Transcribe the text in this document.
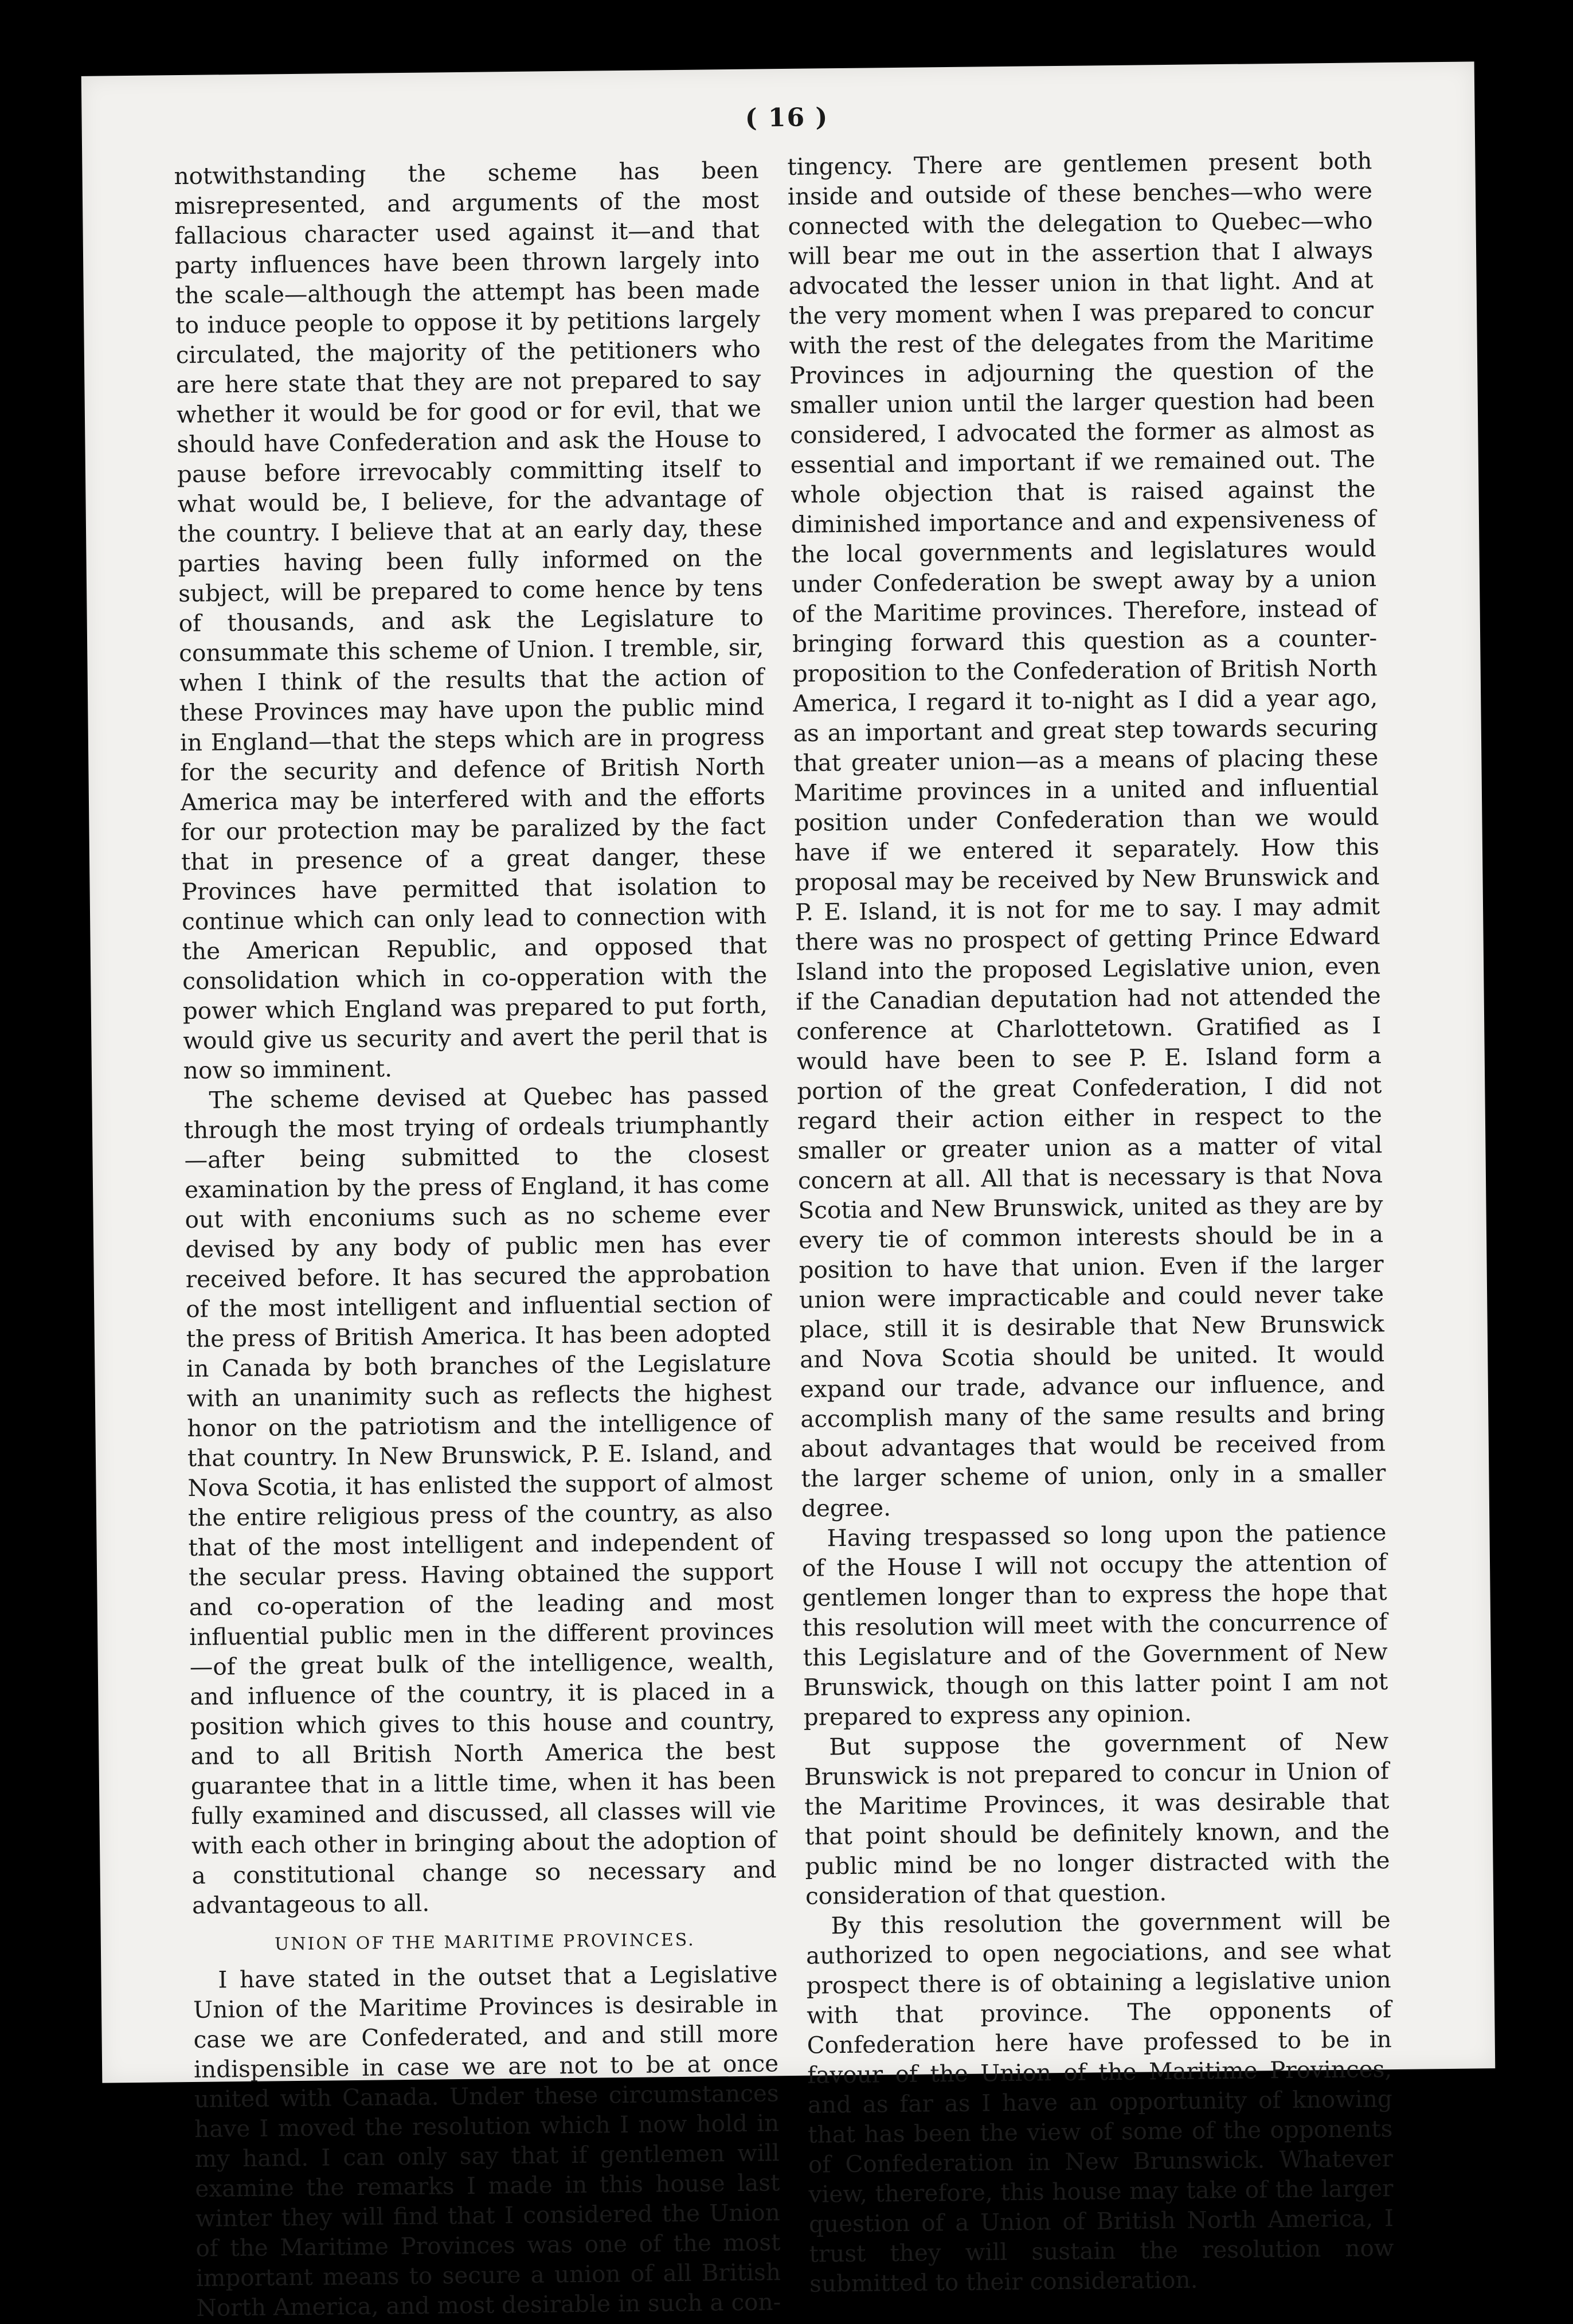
( 16 )

notwithstanding the scheme has been misrepresented, and arguments of the most fallacious character used against it—and that party influences have been thrown largely into the scale—although the attempt has been made to induce people to oppose it by petitions largely circulated, the majority of the petitioners who are here state that they are not prepared to say whether it would be for good or for evil, that we should have Confederation and ask the House to pause before irrevocably committing itself to what would be, I believe, for the advantage of the country. I believe that at an early day, these parties having been fully informed on the subject, will be prepared to come hence by tens of thousands, and ask the Legislature to consummate this scheme of Union. I tremble, sir, when I think of the results that the action of these Provinces may have upon the public mind in England—that the steps which are in progress for the security and defence of British North America may be interfered with and the efforts for our protection may be paralized by the fact that in presence of a great danger, these Provinces have permitted that isolation to continue which can only lead to connection with the American Republic, and opposed that consolidation which in co-opperation with the power which England was prepared to put forth, would give us security and avert the peril that is now so imminent.

The scheme devised at Quebec has passed through the most trying of ordeals triumphantly—after being submitted to the closest examination by the press of England, it has come out with enconiums such as no scheme ever devised by any body of public men has ever received before. It has secured the approbation of the most intelligent and influential section of the press of British America. It has been adopted in Canada by both branches of the Legislature with an unanimity such as reflects the highest honor on the patriotism and the intelligence of that country. In New Brunswick, P. E. Island, and Nova Scotia, it has enlisted the support of almost the entire religious press of the country, as also that of the most intelligent and independent of the secular press. Having obtained the support and co-operation of the leading and most influential public men in the different provinces—of the great bulk of the intelligence, wealth, and influence of the country, it is placed in a position which gives to this house and country, and to all British North America the best guarantee that in a little time, when it has been fully examined and discussed, all classes will vie with each other in bringing about the adoption of a constitutional change so necessary and advantageous to all.

UNION OF THE MARITIME PROVINCES.

I have stated in the outset that a Legislative Union of the Maritime Provinces is desirable in case we are Confederated, and and still more indispensible in case we are not to be at once united with Canada. Under these circumstances have I moved the resolution which I now hold in my hand. I can only say that if gentlemen will examine the remarks I made in this house last winter they will find that I considered the Union of the Maritime Provinces was one of the most important means to secure a union of all British North America, and most desirable in such a con-

tingency. There are gentlemen present both inside and outside of these benches—who were connected with the delegation to Quebec—who will bear me out in the assertion that I always advocated the lesser union in that light. And at the very moment when I was prepared to concur with the rest of the delegates from the Maritime Provinces in adjourning the question of the smaller union until the larger question had been considered, I advocated the former as almost as essential and important if we remained out. The whole objection that is raised against the diminished importance and and expensiveness of the local governments and legislatures would under Confederation be swept away by a union of the Maritime provinces. Therefore, instead of bringing forward this question as a counter-proposition to the Confederation of British North America, I regard it to-night as I did a year ago, as an important and great step towards securing that greater union—as a means of placing these Maritime provinces in a united and influential position under Confederation than we would have if we entered it separately. How this proposal may be received by New Brunswick and P. E. Island, it is not for me to say. I may admit there was no prospect of getting Prince Edward Island into the proposed Legislative union, even if the Canadian deputation had not attended the conference at Charlottetown. Gratified as I would have been to see P. E. Island form a portion of the great Confederation, I did not regard their action either in respect to the smaller or greater union as a matter of vital concern at all. All that is necessary is that Nova Scotia and New Brunswick, united as they are by every tie of common interests should be in a position to have that union. Even if the larger union were impracticable and could never take place, still it is desirable that New Brunswick and Nova Scotia should be united. It would expand our trade, advance our influence, and accomplish many of the same results and bring about advantages that would be received from the larger scheme of union, only in a smaller degree.

Having trespassed so long upon the patience of the House I will not occupy the attention of gentlemen longer than to express the hope that this resolution will meet with the concurrence of this Legislature and of the Government of New Brunswick, though on this latter point I am not prepared to express any opinion.

But suppose the government of New Brunswick is not prepared to concur in Union of the Maritime Provinces, it was desirable that that point should be definitely known, and the public mind be no longer distracted with the consideration of that question.

By this resolution the government will be authorized to open negociations, and see what prospect there is of obtaining a legislative union with that province. The opponents of Confederation here have professed to be in favour of the Union of the Maritime Provinces, and as far as I have an opportunity of knowing that has been the view of some of the opponents of Confederation in New Brunswick. Whatever view, therefore, this house may take of the larger question of a Union of British North America, I trust they will sustain the resolution now submitted to their consideration.
